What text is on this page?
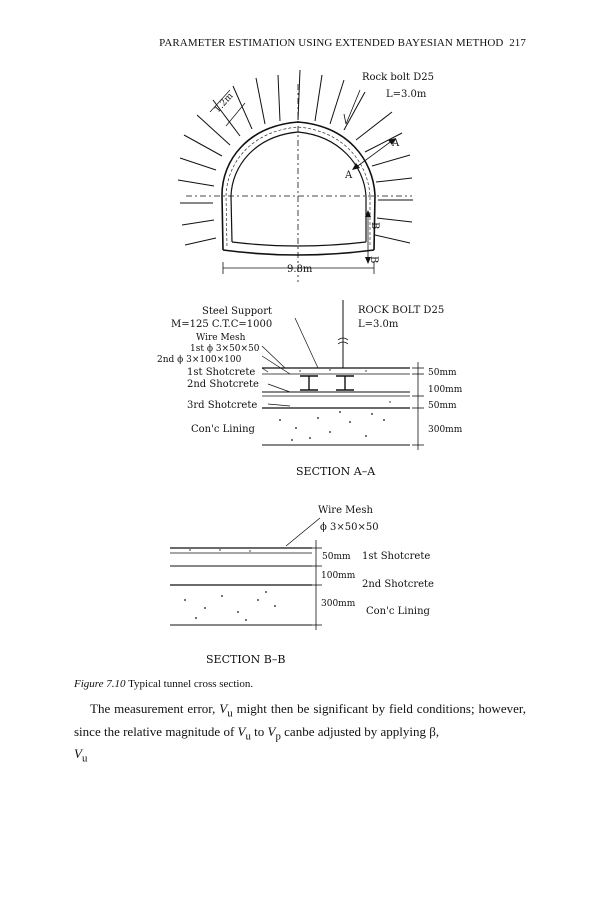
PARAMETER ESTIMATION USING EXTENDED BAYESIAN METHOD 217
Rock bolt D25
L=3.0m
1.2m
9.8m
A
A
B
B
Steel Support
M=125 C.T.C=1000
Wire Mesh
1st ϕ 3×50×50
2nd ϕ 3×100×100
1st Shotcrete
2nd Shotcrete
3rd Shotcrete
Con'c Lining
ROCK BOLT D25
L=3.0m
50mm
100mm
50mm
300mm
SECTION A–A
Wire Mesh
ϕ 3×50×50
50mm 1st Shotcrete
100mm
2nd Shotcrete
300mm
Con'c Lining
SECTION B–B
Figure 7.10 Typical tunnel cross section.
The measurement error, $V_u$ might then be significant by field conditions; however, since the relative magnitude of $V_u$ to $V_p$ canbe adjusted by applying β,
$V_u$
